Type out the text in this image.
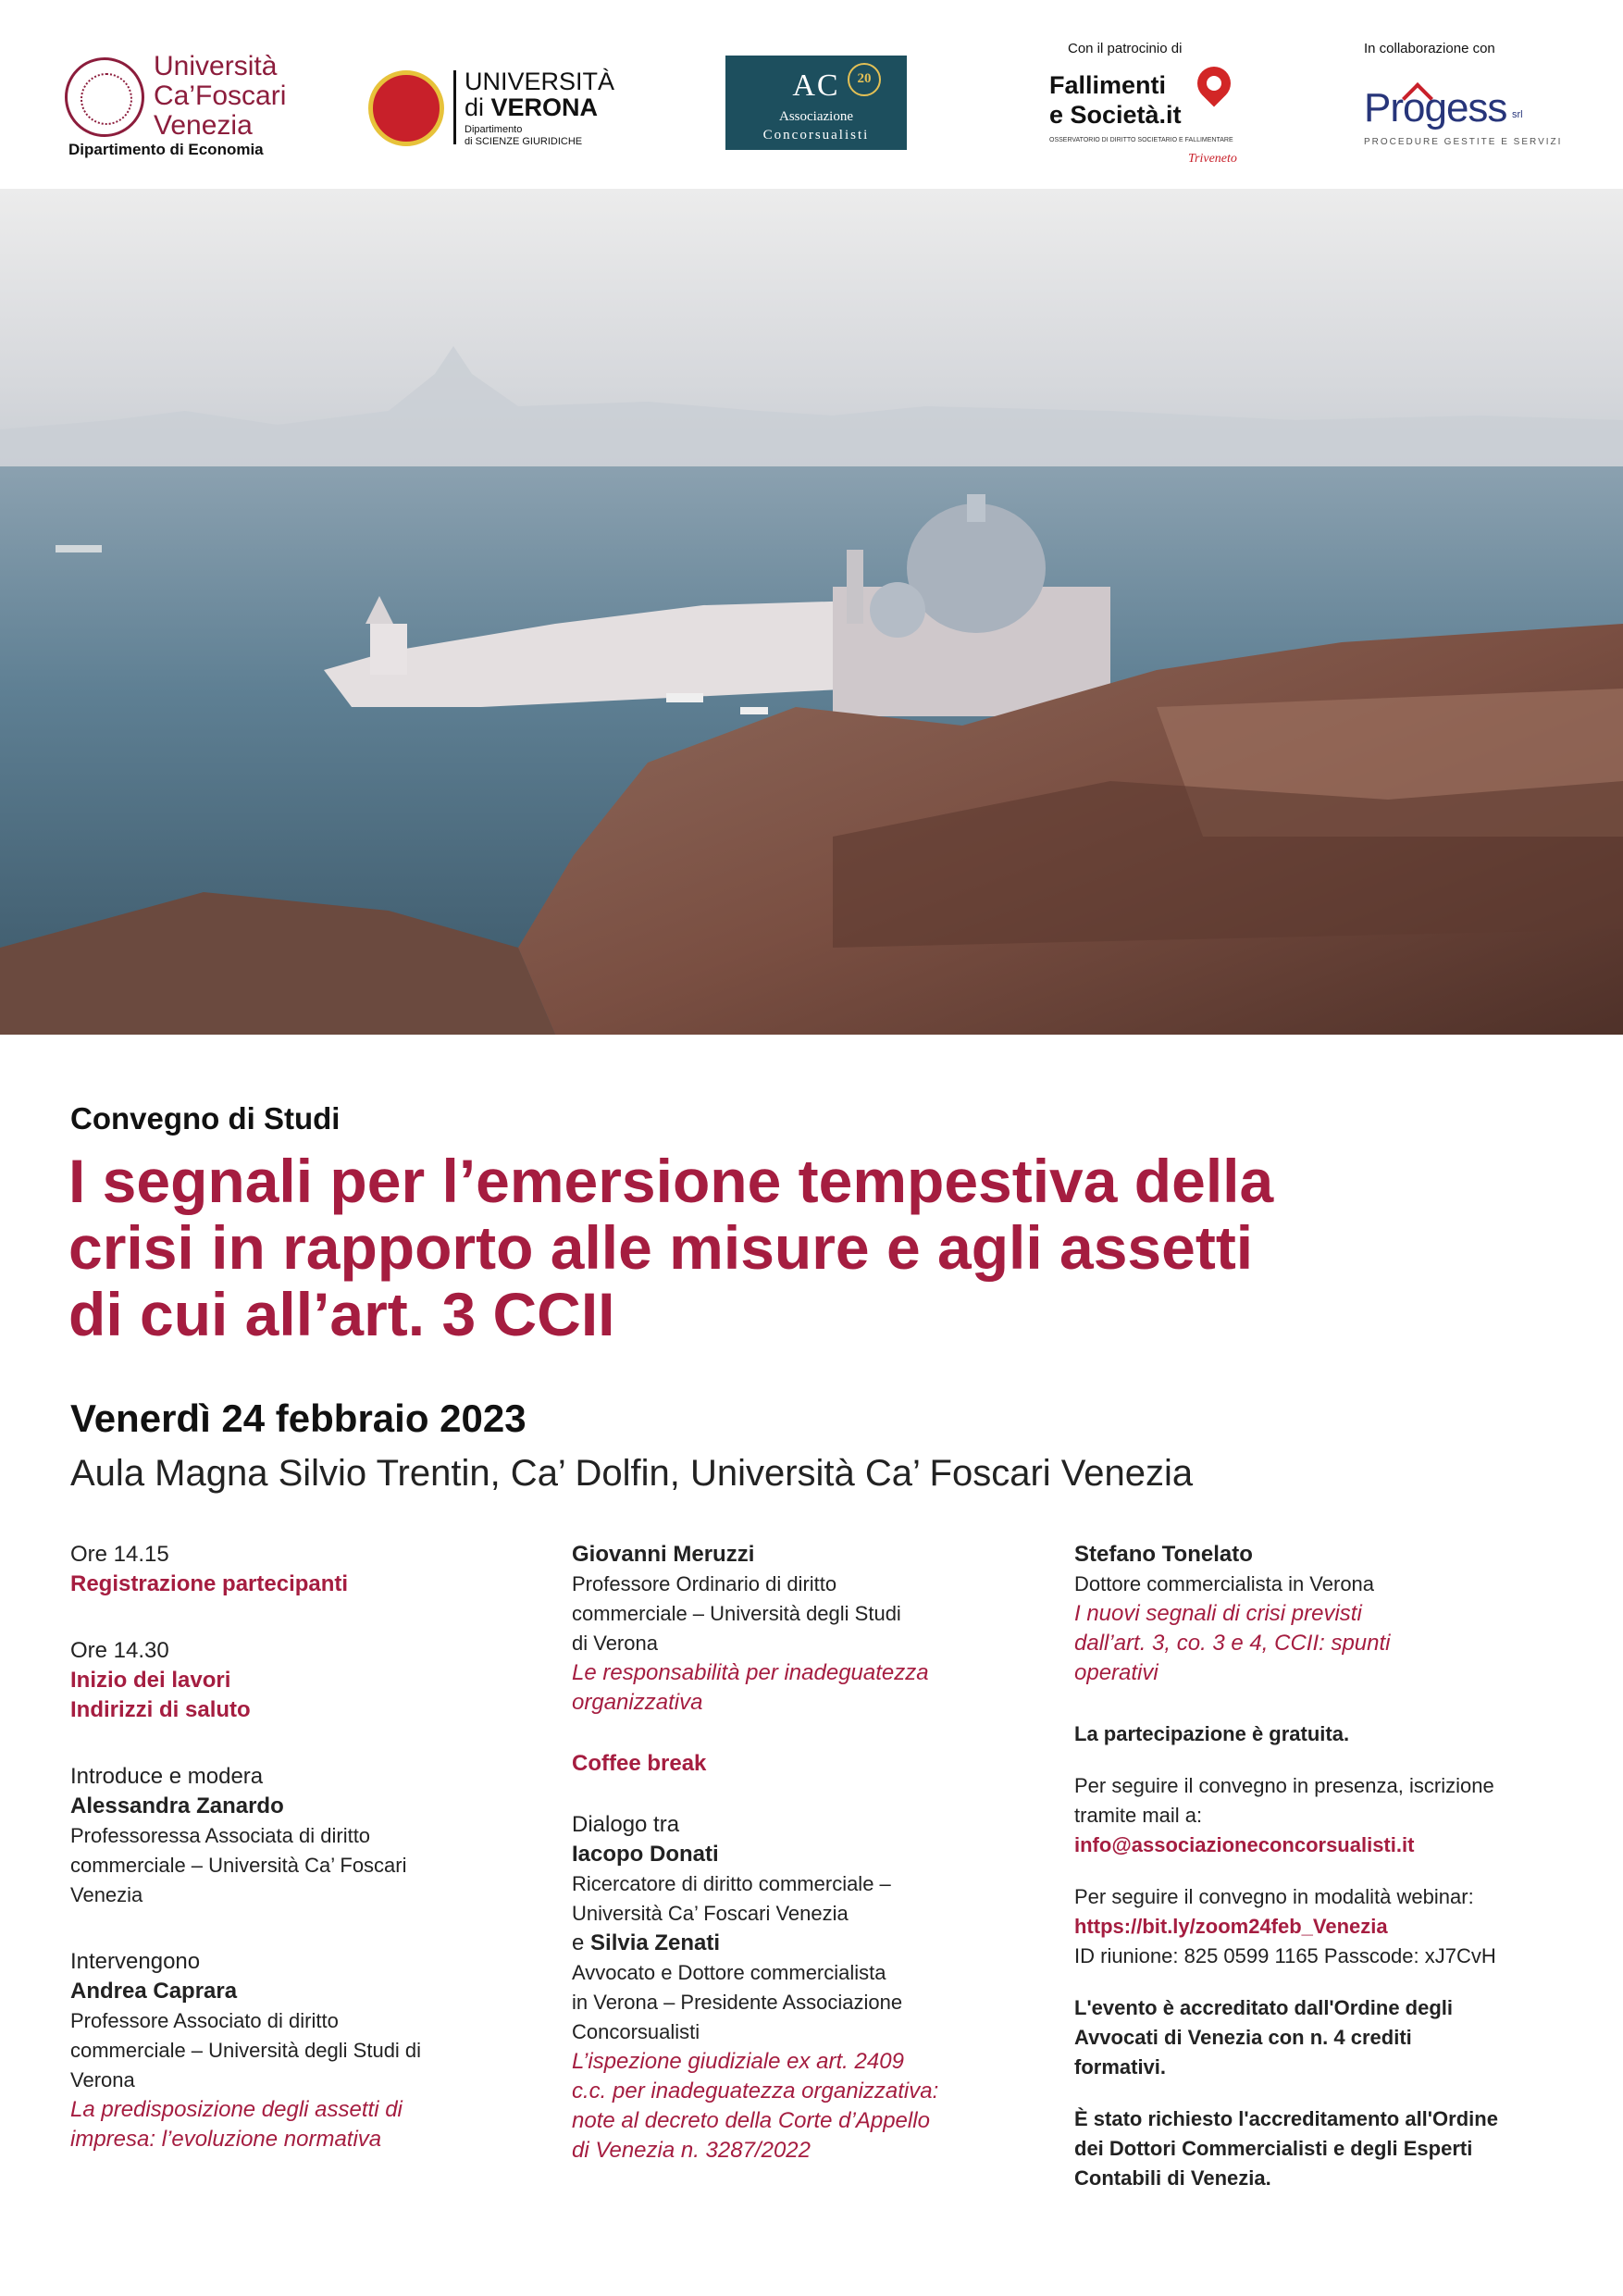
Università
Ca’Foscari
Venezia
Dipartimento di Economia
UNIVERSITÀ
di VERONA
Dipartimento
di SCIENZE GIURIDICHE
AC	20
Associazione
Concorsualisti
Con il patrocinio di
Fallimenti
e Società.it
OSSERVATORIO DI DIRITTO SOCIETARIO E FALLIMENTARE
Triveneto
In collaborazione con
Progess srl
PROCEDURE GESTITE E SERVIZI
Convegno di Studi
I segnali per l’emersione tempestiva della
crisi in rapporto alle misure e agli assetti
di cui all’art. 3 CCII
Venerdì 24 febbraio 2023
Aula Magna Silvio Trentin, Ca’ Dolfin, Università Ca’ Foscari Venezia
Ore 14.15
Registrazione partecipanti
Ore 14.30
Inizio dei lavori
Indirizzi di saluto
Introduce e modera
Alessandra Zanardo
Professoressa Associata di diritto
commerciale – Università Ca’ Foscari
Venezia
Intervengono
Andrea Caprara
Professore Associato di diritto
commerciale – Università degli Studi di
Verona
La predisposizione degli assetti di
impresa: l’evoluzione normativa
Giovanni Meruzzi
Professore Ordinario di diritto
commerciale – Università degli Studi
di Verona
Le responsabilità per inadeguatezza
organizzativa
Coffee break
Dialogo tra
Iacopo Donati
Ricercatore di diritto commerciale –
Università Ca’ Foscari Venezia
e Silvia Zenati
Avvocato e Dottore commercialista
in Verona – Presidente Associazione
Concorsualisti
L’ispezione giudiziale ex art. 2409
c.c. per inadeguatezza organizzativa:
note al decreto della Corte d’Appello
di Venezia n. 3287/2022
Stefano Tonelato
Dottore commercialista in Verona
I nuovi segnali di crisi previsti
dall’art. 3, co. 3 e 4, CCII: spunti
operativi
La partecipazione è gratuita.
Per seguire il convegno in presenza, iscrizione
tramite mail a:
info@associazioneconcorsualisti.it
Per seguire il convegno in modalità webinar:
https://bit.ly/zoom24feb_Venezia
ID riunione: 825 0599 1165 Passcode: xJ7CvH
L'evento è accreditato dall'Ordine degli
Avvocati di Venezia con n. 4 crediti
formativi.
È stato richiesto l'accreditamento all'Ordine
dei Dottori Commercialisti e degli Esperti
Contabili di Venezia.
